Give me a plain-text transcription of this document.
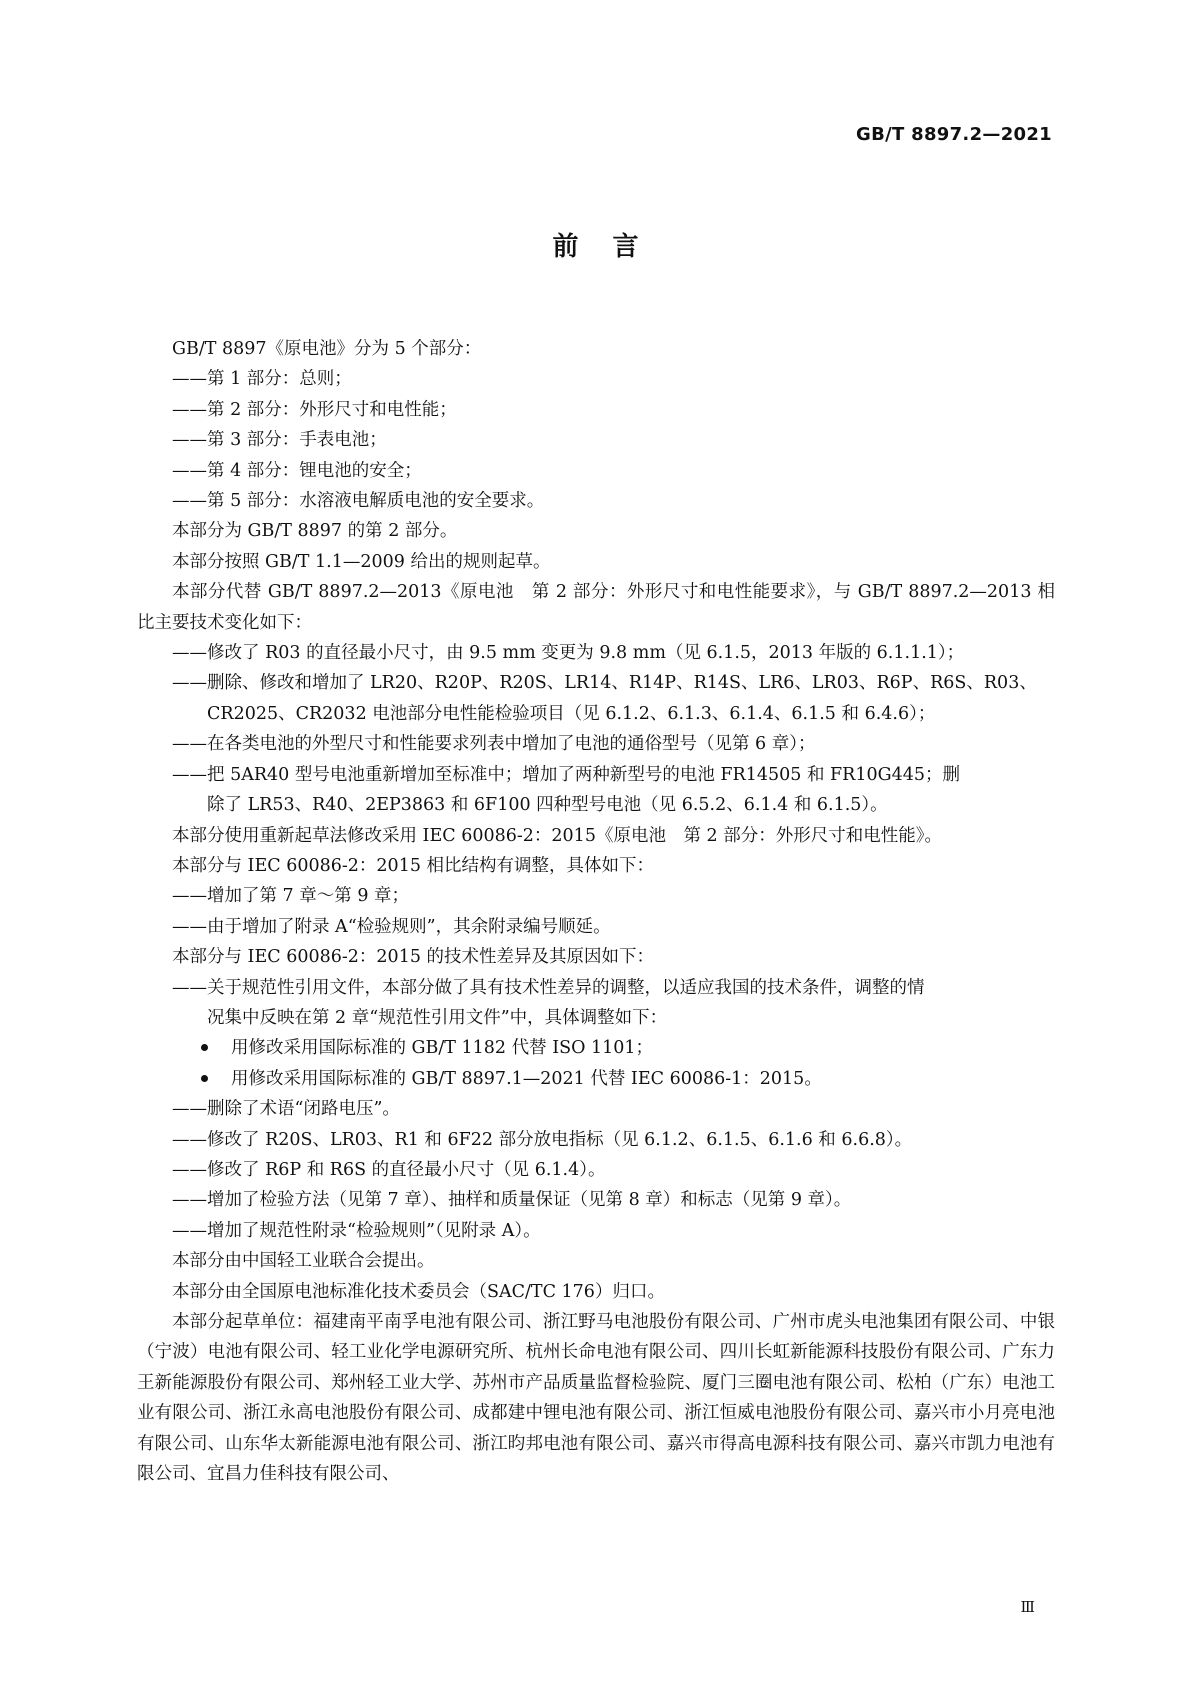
GB/T 8897.2—2021
前言

GB/T 8897《原电池》分为 5 个部分：

——第 1 部分：总则；

——第 2 部分：外形尺寸和电性能；

——第 3 部分：手表电池；

——第 4 部分：锂电池的安全；

——第 5 部分：水溶液电解质电池的安全要求。

本部分为 GB/T 8897 的第 2 部分。

本部分按照 GB/T 1.1—2009 给出的规则起草。

本部分代替 GB/T 8897.2—2013《原电池　第 2 部分：外形尺寸和电性能要求》，与 GB/T 8897.2—2013 相比主要技术变化如下：

——修改了 R03 的直径最小尺寸，由 9.5 mm 变更为 9.8 mm（见 6.1.5，2013 年版的 6.1.1.1）；

——删除、修改和增加了 LR20、R20P、R20S、LR14、R14P、R14S、LR6、LR03、R6P、R6S、R03、
CR2025、CR2032 电池部分电性能检验项目（见 6.1.2、6.1.3、6.1.4、6.1.5 和 6.4.6）；

——在各类电池的外型尺寸和性能要求列表中增加了电池的通俗型号（见第 6 章）；

——把 5AR40 型号电池重新增加至标准中；增加了两种新型号的电池 FR14505 和 FR10G445；删
除了 LR53、R40、2EP3863 和 6F100 四种型号电池（见 6.5.2、6.1.4 和 6.1.5）。

本部分使用重新起草法修改采用 IEC 60086-2：2015《原电池　第 2 部分：外形尺寸和电性能》。

本部分与 IEC 60086-2：2015 相比结构有调整，具体如下：

——增加了第 7 章～第 9 章；

——由于增加了附录 A“检验规则”，其余附录编号顺延。

本部分与 IEC 60086-2：2015 的技术性差异及其原因如下：

——关于规范性引用文件，本部分做了具有技术性差异的调整，以适应我国的技术条件，调整的情
况集中反映在第 2 章“规范性引用文件”中，具体调整如下：

用修改采用国际标准的 GB/T 1182 代替 ISO 1101；

用修改采用国际标准的 GB/T 8897.1—2021 代替 IEC 60086-1：2015。

——删除了术语“闭路电压”。

——修改了 R20S、LR03、R1 和 6F22 部分放电指标（见 6.1.2、6.1.5、6.1.6 和 6.6.8）。

——修改了 R6P 和 R6S 的直径最小尺寸（见 6.1.4）。

——增加了检验方法（见第 7 章）、抽样和质量保证（见第 8 章）和标志（见第 9 章）。

——增加了规范性附录“检验规则”（见附录 A）。

本部分由中国轻工业联合会提出。

本部分由全国原电池标准化技术委员会（SAC/TC 176）归口。

本部分起草单位：福建南平南孚电池有限公司、浙江野马电池股份有限公司、广州市虎头电池集团有限公司、中银（宁波）电池有限公司、轻工业化学电源研究所、杭州长命电池有限公司、四川长虹新能源科技股份有限公司、广东力王新能源股份有限公司、郑州轻工业大学、苏州市产品质量监督检验院、厦门三圈电池有限公司、松柏（广东）电池工业有限公司、浙江永高电池股份有限公司、成都建中锂电池有限公司、浙江恒威电池股份有限公司、嘉兴市小月亮电池有限公司、山东华太新能源电池有限公司、浙江昀邦电池有限公司、嘉兴市得高电源科技有限公司、嘉兴市凯力电池有限公司、宜昌力佳科技有限公司、

Ⅲ
